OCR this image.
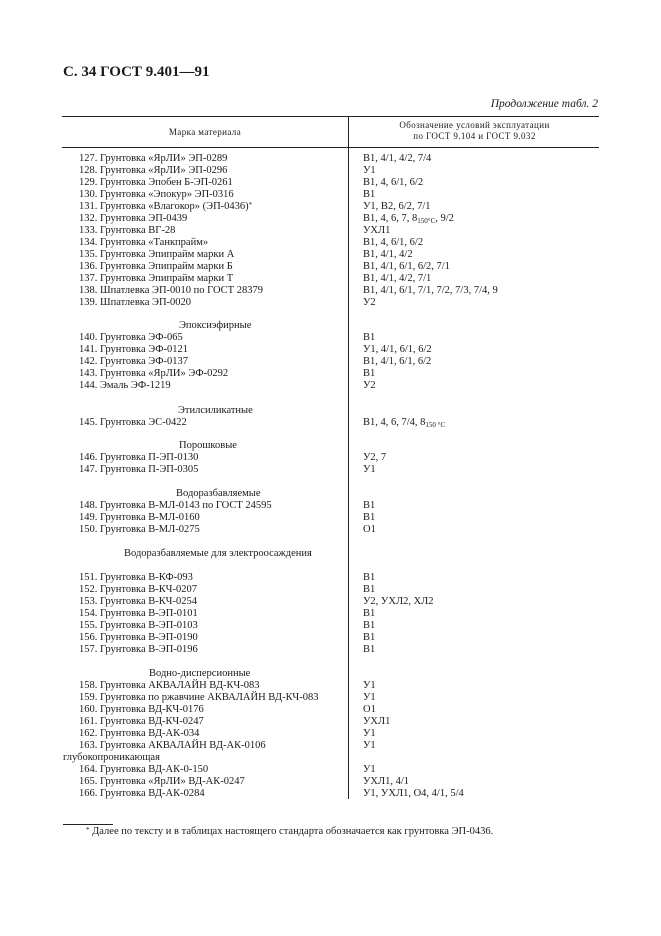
С. 34 ГОСТ 9.401—91
Продолжение табл. 2
Марка материала
Обозначение условий эксплуатации
по ГОСТ 9.104 и ГОСТ 9.032
127. Грунтовка «ЯрЛИ» ЭП-0289	В1, 4/1, 4/2, 7/4
128. Грунтовка «ЯрЛИ» ЭП-0296	У1
129. Грунтовка Эпобен Б-ЭП-0261	В1, 4, 6/1, 6/2
130. Грунтовка «Эпокур» ЭП-0316	В1
131. Грунтовка «Влагокор» (ЭП-0436)*	У1, В2, 6/2, 7/1
132. Грунтовка ЭП-0439	В1, 4, 6, 7, $8_{150^\circ С}$, 9/2
133. Грунтовка ВГ-28	УХЛ1
134. Грунтовка «Танкпрайм»	В1, 4, 6/1, 6/2
135. Грунтовка Эпипрайм марки А	В1, 4/1, 4/2
136. Грунтовка Эпипрайм марки Б	В1, 4/1, 6/1, 6/2, 7/1
137. Грунтовка Эпипрайм марки Т	В1, 4/1, 4/2, 7/1
138. Шпатлевка ЭП-0010 по ГОСТ 28379	В1, 4/1, 6/1, 7/1, 7/2, 7/3, 7/4, 9
139. Шпатлевка ЭП-0020	У2
Эпоксиэфирные
140. Грунтовка ЭФ-065	В1
141. Грунтовка ЭФ-0121	У1, 4/1, 6/1, 6/2
142. Грунтовка ЭФ-0137	В1, 4/1, 6/1, 6/2
143. Грунтовка «ЯрЛИ» ЭФ-0292	В1
144. Эмаль ЭФ-1219	У2
Этилсиликатные
145. Грунтовка ЭС-0422	В1, 4, 6, 7/4, $8_{150 ^\circ С}$
Порошковые
146. Грунтовка П-ЭП-0130	У2, 7
147. Грунтовка П-ЭП-0305	У1
Водоразбавляемые
148. Грунтовка В-МЛ-0143 по ГОСТ 24595	В1
149. Грунтовка В-МЛ-0160	В1
150. Грунтовка В-МЛ-0275	О1
Водоразбавляемые для электроосаждения
151. Грунтовка В-КФ-093	В1
152. Грунтовка В-КЧ-0207	В1
153. Грунтовка В-КЧ-0254	У2, УХЛ2, ХЛ2
154. Грунтовка В-ЭП-0101	В1
155. Грунтовка В-ЭП-0103	В1
156. Грунтовка В-ЭП-0190	В1
157. Грунтовка В-ЭП-0196	В1
Водно-дисперсионные
158. Грунтовка АКВАЛАЙН ВД-КЧ-083	У1
159. Грунтовка по ржавчине АКВАЛАЙН ВД-КЧ-083	У1
160. Грунтовка ВД-КЧ-0176	О1
161. Грунтовка ВД-КЧ-0247	УХЛ1
162. Грунтовка ВД-АК-034	У1
163. Грунтовка АКВАЛАЙН ВД-АК-0106	У1
глубокопроникающая
164. Грунтовка ВД-АК-0-150	У1
165. Грунтовка «ЯрЛИ» ВД-АК-0247	УХЛ1, 4/1
166. Грунтовка ВД-АК-0284	У1, УХЛ1, О4, 4/1, 5/4
* Далее по тексту и в таблицах настоящего стандарта обозначается как грунтовка ЭП-0436.
